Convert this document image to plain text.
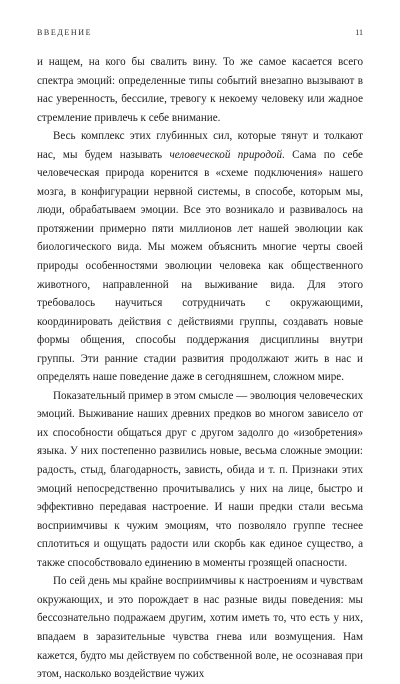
ВВЕДЕНИЕ	11

и нащем, на кого бы свалить вину. То же самое касается всего спектра эмоций: определенные типы событий внезапно вызывают в нас уверенность, бессилие, тревогу к некоему человеку или жадное стремление привлечь к себе внимание.

Весь комплекс этих глубинных сил, которые тянут и толкают нас, мы будем называть человеческой природой. Сама по себе человеческая природа коренится в «схеме подключения» нашего мозга, в конфигурации нервной системы, в способе, которым мы, люди, обрабатываем эмоции. Все это возникало и развивалось на протяжении примерно пяти миллионов лет нашей эволюции как биологического вида. Мы можем объяснить многие черты своей природы особенностями эволюции человека как общественного животного, направленной на выживание вида. Для этого требовалось научиться сотрудничать с окружающими, координировать действия с действиями группы, создавать новые формы общения, способы поддержания дисциплины внутри группы. Эти ранние стадии развития продолжают жить в нас и определять наше поведение даже в сегодняшнем, сложном мире.

Показательный пример в этом смысле — эволюция человеческих эмоций. Выживание наших древних предков во многом зависело от их способности общаться друг с другом задолго до «изобретения» языка. У них постепенно развились новые, весьма сложные эмоции: радость, стыд, благодарность, зависть, обида и т. п. Признаки этих эмоций непосредственно прочитывались у них на лице, быстро и эффективно передавая настроение. И наши предки стали весьма восприимчивы к чужим эмоциям, что позволяло группе теснее сплотиться и ощущать радости или скорбь как единое существо, а также способствовало единению в моменты грозящей опасности.

По сей день мы крайне восприимчивы к настроениям и чувствам окружающих, и это порождает в нас разные виды поведения: мы бессознательно подражаем другим, хотим иметь то, что есть у них, впадаем в заразительные чувства гнева или возмущения. Нам кажется, будто мы действуем по собственной воле, не осознавая при этом, насколько воздействие чужих
